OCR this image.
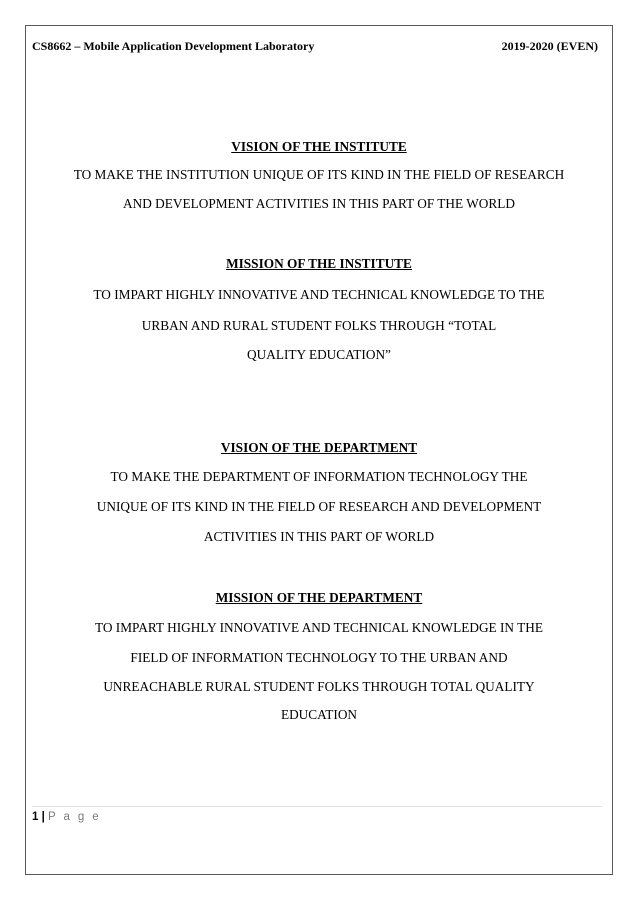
CS8662 – Mobile Application Development Laboratory	2019-2020 (EVEN)
VISION OF THE INSTITUTE
TO MAKE THE INSTITUTION UNIQUE OF ITS KIND IN THE FIELD OF RESEARCH
AND DEVELOPMENT ACTIVITIES IN THIS PART OF THE WORLD
MISSION OF THE INSTITUTE
TO IMPART HIGHLY INNOVATIVE AND TECHNICAL KNOWLEDGE TO THE
URBAN AND RURAL STUDENT FOLKS THROUGH “TOTAL
QUALITY EDUCATION”
VISION OF THE DEPARTMENT
TO MAKE THE DEPARTMENT OF INFORMATION TECHNOLOGY THE
UNIQUE OF ITS KIND IN THE FIELD OF RESEARCH AND DEVELOPMENT
ACTIVITIES IN THIS PART OF WORLD
MISSION OF THE DEPARTMENT
TO IMPART HIGHLY INNOVATIVE AND TECHNICAL KNOWLEDGE IN THE
FIELD OF INFORMATION TECHNOLOGY TO THE URBAN AND
UNREACHABLE RURAL STUDENT FOLKS THROUGH TOTAL QUALITY
EDUCATION
1 | P a g e
